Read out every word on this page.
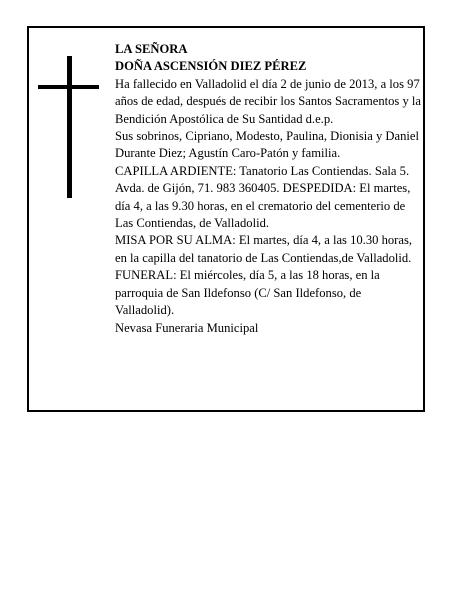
LA SEÑORA
DOÑA ASCENSIÓN DIEZ PÉREZ

Ha fallecido en Valladolid el día 2 de junio de 2013, a los 97 años de edad, después de recibir los Santos Sacramentos y la Bendición Apostólica de Su Santidad d.e.p.

Sus sobrinos, Cipriano, Modesto, Paulina, Dionisia y Daniel Durante Diez; Agustín Caro-Patón y familia.

CAPILLA ARDIENTE: Tanatorio Las Contiendas. Sala 5. Avda. de Gijón, 71. 983 360405. DESPEDIDA: El martes, día 4, a las 9.30 horas, en el crematorio del cementerio de Las Contiendas, de Valladolid.

MISA POR SU ALMA: El martes, día 4, a las 10.30 horas, en la capilla del tanatorio de Las Contiendas,de Valladolid.

FUNERAL: El miércoles, día 5, a las 18 horas, en la parroquia de San Ildefonso (C/ San Ildefonso, de Valladolid).

Nevasa Funeraria Municipal
